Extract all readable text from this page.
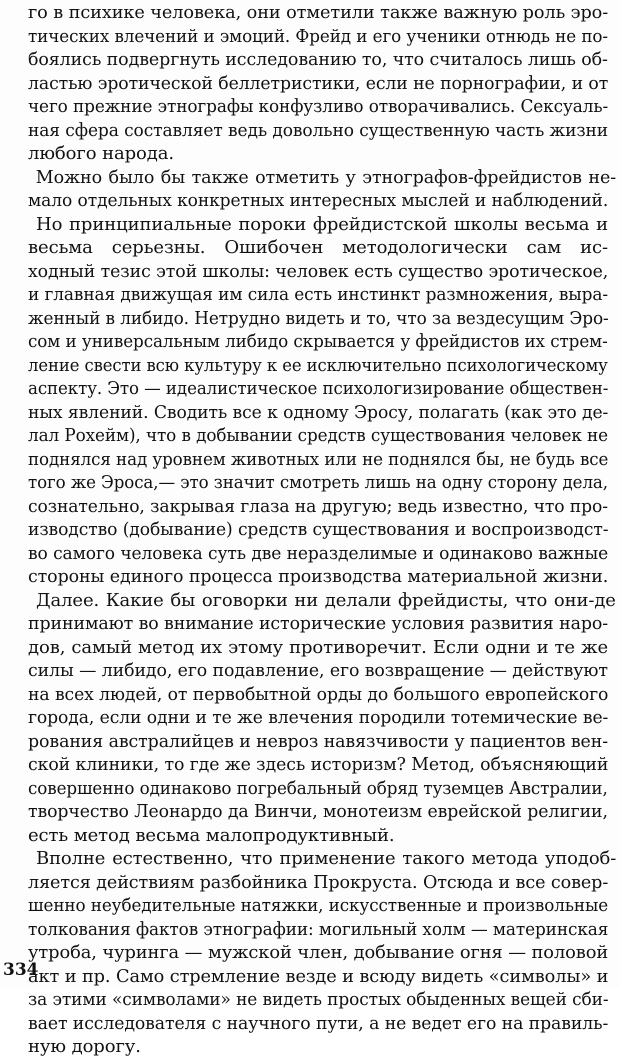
го в психике человека, они отметили также важную роль эро-
тических влечений и эмоций. Фрейд и его ученики отнюдь не по-
боялись подвергнуть исследованию то, что считалось лишь об-
ластью эротической беллетристики, если не порнографии, и от
чего прежние этнографы конфузливо отворачивались. Сексуаль-
ная сфера составляет ведь довольно существенную часть жизни
любого народа.
Можно было бы также отметить у этнографов-фрейдистов не-
мало отдельных конкретных интересных мыслей и наблюдений.
Но принципиальные пороки фрейдистской школы весьма и
весьма серьезны. Ошибочен методологически сам ис-
ходный тезис этой школы: человек есть существо эротическое,
и главная движущая им сила есть инстинкт размножения, выра-
женный в либидо. Нетрудно видеть и то, что за вездесущим Эро-
сом и универсальным либидо скрывается у фрейдистов их стрем-
ление свести всю культуру к ее исключительно психологическому
аспекту. Это — идеалистическое психологизирование обществен-
ных явлений. Сводить все к одному Эросу, полагать (как это де-
лал Рохейм), что в добывании средств существования человек не
поднялся над уровнем животных или не поднялся бы, не будь все
того же Эроса,— это значит смотреть лишь на одну сторону дела,
сознательно, закрывая глаза на другую; ведь известно, что про-
изводство (добывание) средств существования и воспроизводст-
во самого человека суть две неразделимые и одинаково важные
стороны единого процесса производства материальной жизни.
Далее. Какие бы оговорки ни делали фрейдисты, что они-де
принимают во внимание исторические условия развития наро-
дов, самый метод их этому противоречит. Если одни и те же
силы — либидо, его подавление, его возвращение — действуют
на всех людей, от первобытной орды до большого европейского
города, если одни и те же влечения породили тотемические ве-
рования австралийцев и невроз навязчивости у пациентов вен-
ской клиники, то где же здесь историзм? Метод, объясняющий
совершенно одинаково погребальный обряд туземцев Австралии,
творчество Леонардо да Винчи, монотеизм еврейской религии,
есть метод весьма малопродуктивный.
Вполне естественно, что применение такого метода уподоб-
ляется действиям разбойника Прокруста. Отсюда и все совер-
шенно неубедительные натяжки, искусственные и произвольные
толкования фактов этнографии: могильный холм — материнская
утроба, чуринга — мужской член, добывание огня — половой
акт и пр. Само стремление везде и всюду видеть «символы» и
за этими «символами» не видеть простых обыденных вещей сби-
вает исследователя с научного пути, а не ведет его на правиль-
ную дорогу.
334
